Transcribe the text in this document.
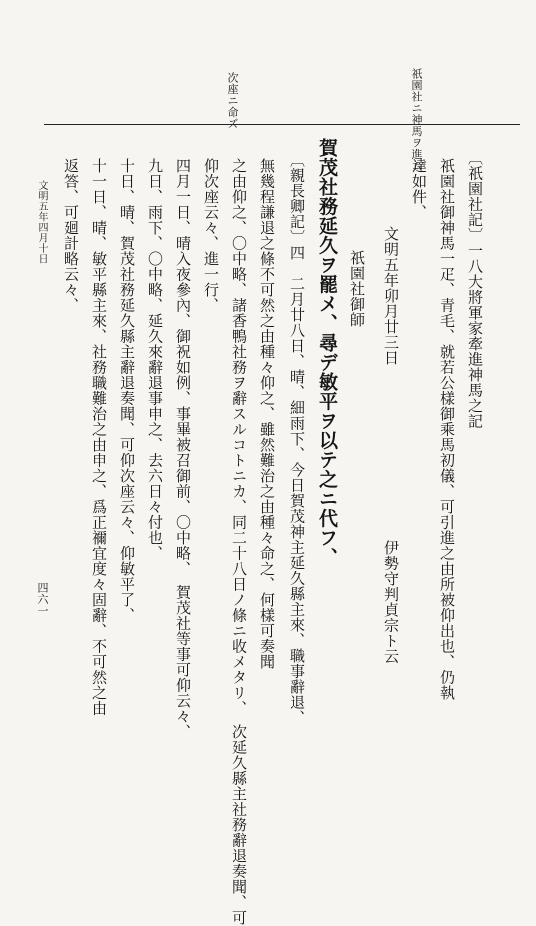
祇園社ニ神馬ヲ進ム
次座ニ命ズ
〔祇園社記〕一八大將軍家牽進神馬之記
祇園社御神馬一疋、青毛、就若公樣御乘馬初儀、可引進之由所被仰出也、仍執
達如件、
文明五年卯月廿三日
伊勢守判貞宗ト云
祇園社御師
賀茂社務延久ヲ罷メ、尋デ敏平ヲ以テ之ニ代フ、
〔親長卿記〕四　二月廿八日、晴、細雨下、今日賀茂神主延久縣主來、職事辭退、
無幾程謙退之條不可然之由種々仰之、雖然難治之由種々命之、何樣可奏聞
之由仰之、〇中略、諸香鴨社務ヲ辭スルコトニカ、同二十八日ノ條ニ收メタリ、　次延久縣主社務辭退奏聞、可
仰次座云々、進一行、
四月一日、晴入夜參內、御祝如例、事畢被召御前、〇中略、　賀茂社等事可仰云々、
九日、雨下、〇中略、延久來辭退事申之、去六日々付也、
十日、晴、賀茂社務延久縣主辭退奏聞、可仰次座云々、仰敏平了、
十一日、晴、敏平縣主來、社務職難治之由申之、爲正禰宜度々固辭、不可然之由
返答、可廻計略云々、
文明五年四月十日
四六一
